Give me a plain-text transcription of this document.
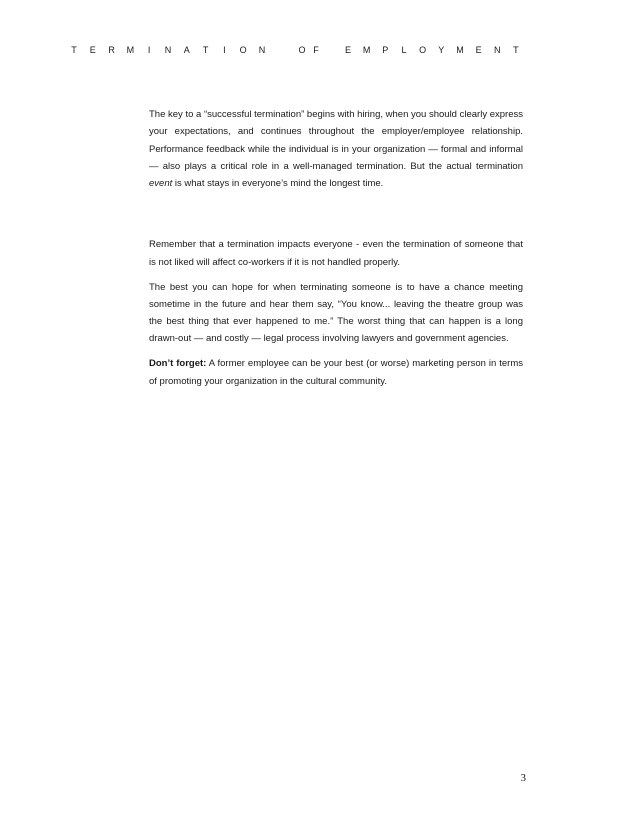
T E R M	I	N A T	I	O N	O F	E M P L O Y M E N T

The key to a “successful termination” begins with hiring, when you should clearly express your expectations, and continues throughout the employer/employee relationship. Performance feedback while the individual is in your organization — formal and informal — also plays a critical role in a well-managed termination. But the actual termination event is what stays in everyone’s mind the longest time.

Remember that a termination impacts everyone - even the termination of someone that is not liked will affect co-workers if it is not handled properly.

The best you can hope for when terminating someone is to have a chance meeting sometime in the future and hear them say, “You know... leaving the theatre group was the best thing that ever happened to me.” The worst thing that can happen is a long drawn-out — and costly — legal process involving lawyers and government agencies.

Don’t forget: A former employee can be your best (or worse) marketing person in terms of promoting your organization in the cultural community.

3
